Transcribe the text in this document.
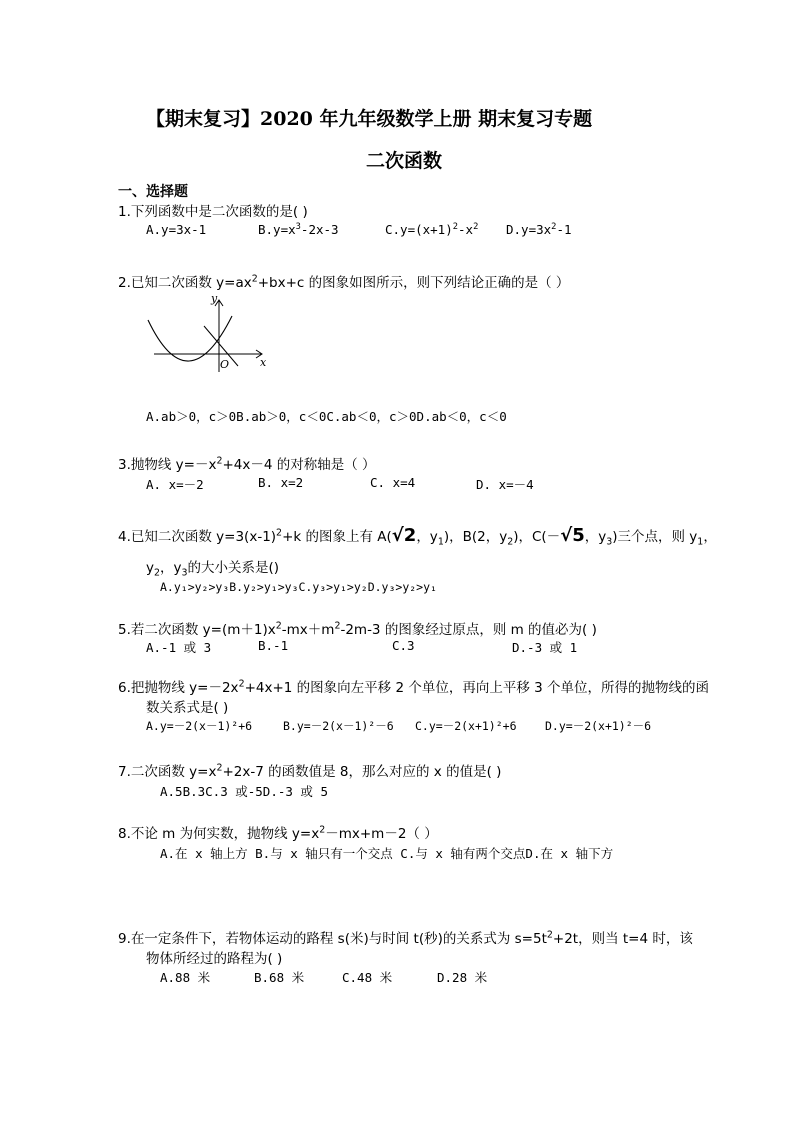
【期末复习】2020 年九年级数学上册 期末复习专题
二次函数
一、选择题
1.下列函数中是二次函数的是( )
A.y=3x-1	$B.y=x^3-2x-3$	$C.y=(x+1)^2-x^2$ $D.y=3x^2-1$
2.已知二次函数 $y=ax^2+bx+c$ 的图象如图所示，则下列结论正确的是（ ）
y
x
O
A.ab＞0，c＞0B.ab＞0，c＜0C.ab＜0，c＞0D.ab＜0，c＜0
3.抛物线 $y=-x^2+4x-4$ 的对称轴是（ ）
A. x=－2	B. x=2	C. x=4	D. x=－4
4.已知二次函数 $y=3(x-1)^2+k$ 的图象上有 A(√2，$y_1$)，B(2，$y_2$)，C(－√5，$y_3$)三个点，则 $y_1$，
$y_2$，$y_3$的大小关系是()
A.y₁>y₂>y₃B.y₂>y₁>y₃C.y₃>y₁>y₂D.y₃>y₂>y₁
5.若二次函数 $y=(m+1)x^2-mx+m^2-2m-3$ 的图象经过原点，则 m 的值必为( )
A.-1 或 3	B.-1	C.3	D.-3 或 1
6.把抛物线 $y=-2x^2+4x+1$ 的图象向左平移 2 个单位，再向上平移 3 个单位，所得的抛物线的函
数关系式是( )
A.y=－2(x－1)²+6	B.y=－2(x－1)²－6 C.y=－2(x+1)²+6 D.y=－2(x+1)²－6
7.二次函数 $y=x^2+2x-7$ 的函数值是 8，那么对应的 x 的值是( )
A.5B.3C.3 或-5D.-3 或 5
8.不论 m 为何实数，抛物线 $y=x^2-mx+m-2$（ ）
A.在 x 轴上方 B.与 x 轴只有一个交点 C.与 x 轴有两个交点D.在 x 轴下方
9.在一定条件下，若物体运动的路程 s(米)与时间 t(秒)的关系式为 $s=5t^2+2t$，则当 t=4 时，该
物体所经过的路程为( )
A.88 米	B.68 米	C.48 米	D.28 米
